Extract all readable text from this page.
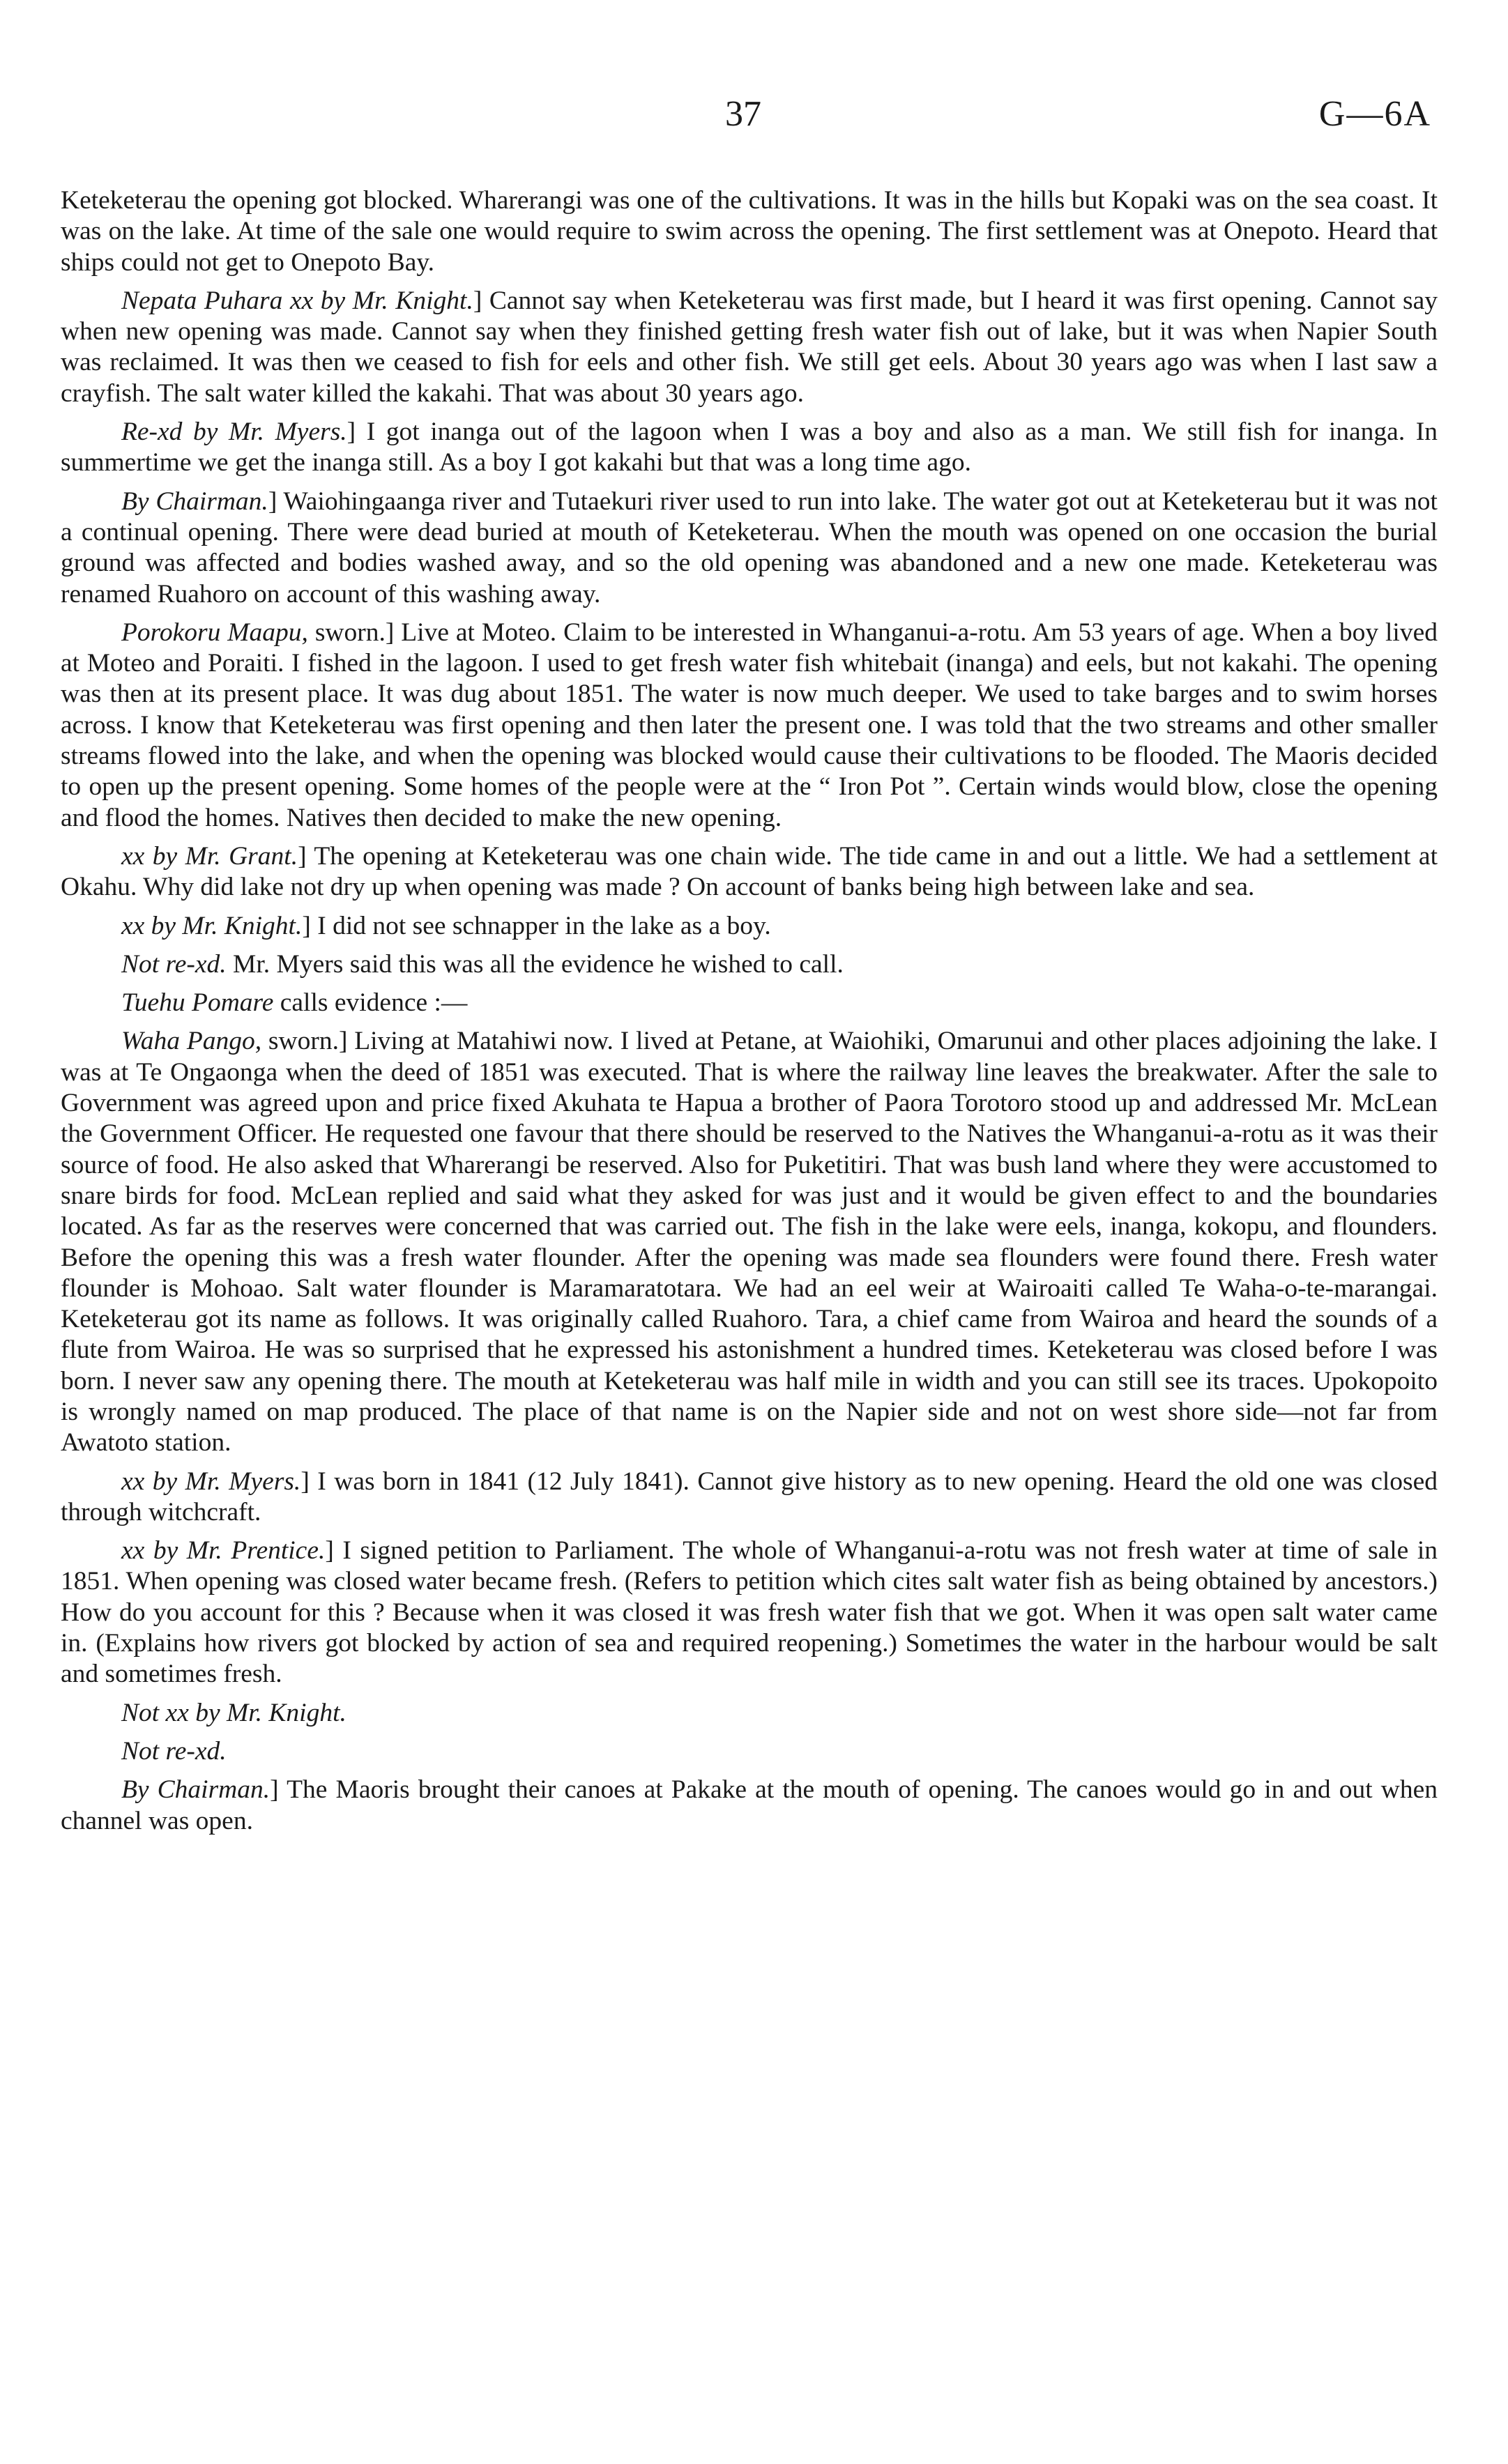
37	G—6A

Keteketerau the opening got blocked. Wharerangi was one of the cultivations. It was in the hills but Kopaki was on the sea coast. It was on the lake. At time of the sale one would require to swim across the opening. The first settlement was at Onepoto. Heard that ships could not get to Onepoto Bay.

Nepata Puhara xx by Mr. Knight.] Cannot say when Keteketerau was first made, but I heard it was first opening. Cannot say when new opening was made. Cannot say when they finished getting fresh water fish out of lake, but it was when Napier South was reclaimed. It was then we ceased to fish for eels and other fish. We still get eels. About 30 years ago was when I last saw a crayfish. The salt water killed the kakahi. That was about 30 years ago.

Re-xd by Mr. Myers.] I got inanga out of the lagoon when I was a boy and also as a man. We still fish for inanga. In summertime we get the inanga still. As a boy I got kakahi but that was a long time ago.

By Chairman.] Waiohingaanga river and Tutaekuri river used to run into lake. The water got out at Keteketerau but it was not a continual opening. There were dead buried at mouth of Keteketerau. When the mouth was opened on one occasion the burial ground was affected and bodies washed away, and so the old opening was abandoned and a new one made. Keteketerau was renamed Ruahoro on account of this washing away.

Porokoru Maapu, sworn.] Live at Moteo. Claim to be interested in Whanganui-a-rotu. Am 53 years of age. When a boy lived at Moteo and Poraiti. I fished in the lagoon. I used to get fresh water fish whitebait (inanga) and eels, but not kakahi. The opening was then at its present place. It was dug about 1851. The water is now much deeper. We used to take barges and to swim horses across. I know that Keteketerau was first opening and then later the present one. I was told that the two streams and other smaller streams flowed into the lake, and when the opening was blocked would cause their cultivations to be flooded. The Maoris decided to open up the present opening. Some homes of the people were at the “ Iron Pot ”. Certain winds would blow, close the opening and flood the homes. Natives then decided to make the new opening.

xx by Mr. Grant.] The opening at Keteketerau was one chain wide. The tide came in and out a little. We had a settlement at Okahu. Why did lake not dry up when opening was made ? On account of banks being high between lake and sea.

xx by Mr. Knight.] I did not see schnapper in the lake as a boy.

Not re-xd. Mr. Myers said this was all the evidence he wished to call.

Tuehu Pomare calls evidence :—

Waha Pango, sworn.] Living at Matahiwi now. I lived at Petane, at Waiohiki, Omarunui and other places adjoining the lake. I was at Te Ongaonga when the deed of 1851 was executed. That is where the railway line leaves the breakwater. After the sale to Government was agreed upon and price fixed Akuhata te Hapua a brother of Paora Torotoro stood up and addressed Mr. McLean the Government Officer. He requested one favour that there should be reserved to the Natives the Whanganui-a-rotu as it was their source of food. He also asked that Wharerangi be reserved. Also for Puketitiri. That was bush land where they were accustomed to snare birds for food. McLean replied and said what they asked for was just and it would be given effect to and the boundaries located. As far as the reserves were concerned that was carried out. The fish in the lake were eels, inanga, kokopu, and flounders. Before the opening this was a fresh water flounder. After the opening was made sea flounders were found there. Fresh water flounder is Mohoao. Salt water flounder is Maramaratotara. We had an eel weir at Wairoaiti called Te Waha-o-te-marangai. Keteketerau got its name as follows. It was originally called Ruahoro. Tara, a chief came from Wairoa and heard the sounds of a flute from Wairoa. He was so surprised that he expressed his astonishment a hundred times. Keteketerau was closed before I was born. I never saw any opening there. The mouth at Keteketerau was half mile in width and you can still see its traces. Upokopoito is wrongly named on map produced. The place of that name is on the Napier side and not on west shore side—not far from Awatoto station.

xx by Mr. Myers.] I was born in 1841 (12 July 1841). Cannot give history as to new opening. Heard the old one was closed through witchcraft.

xx by Mr. Prentice.] I signed petition to Parliament. The whole of Whanganui-a-rotu was not fresh water at time of sale in 1851. When opening was closed water became fresh. (Refers to petition which cites salt water fish as being obtained by ancestors.) How do you account for this ? Because when it was closed it was fresh water fish that we got. When it was open salt water came in. (Explains how rivers got blocked by action of sea and required reopening.) Sometimes the water in the harbour would be salt and sometimes fresh.

Not xx by Mr. Knight.

Not re-xd.

By Chairman.] The Maoris brought their canoes at Pakake at the mouth of opening. The canoes would go in and out when channel was open.
